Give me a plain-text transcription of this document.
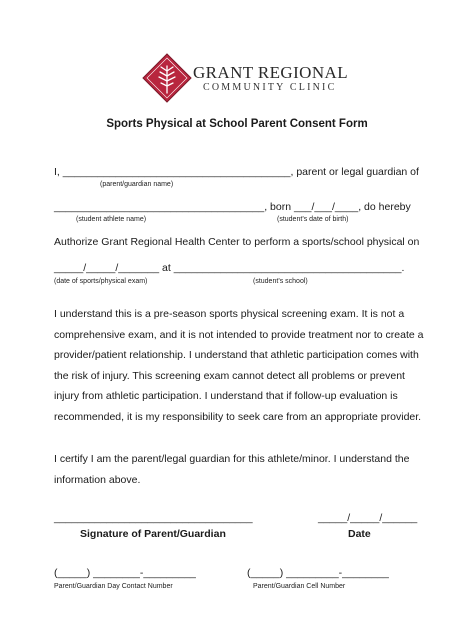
GRANT REGIONAL
COMMUNITY CLINIC
Sports Physical at School Parent Consent Form
I, _______________________________________, parent or legal guardian of
(parent/guardian name)
____________________________________, born ___/___/____, do hereby
(student athlete name)	(student’s date of birth)
Authorize Grant Regional Health Center to perform a sports/school physical on
_____/_____/_______ at _______________________________________.
(date of sports/physical exam)	(student’s school)
I understand this is a pre-season sports physical screening exam. It is not a comprehensive exam, and it is not intended to provide treatment nor to create a provider/patient relationship. I understand that athletic participation comes with the risk of injury. This screening exam cannot detect all problems or prevent injury from athletic participation. I understand that if follow-up evaluation is recommended, it is my responsibility to seek care from an appropriate provider.
I certify I am the parent/legal guardian for this athlete/minor. I understand the information above.
__________________________________
Signature of Parent/Guardian
_____/_____/______
Date
(_____) ________-_________
Parent/Guardian Day Contact Number
(_____) _________-________
Parent/Guardian Cell Number
